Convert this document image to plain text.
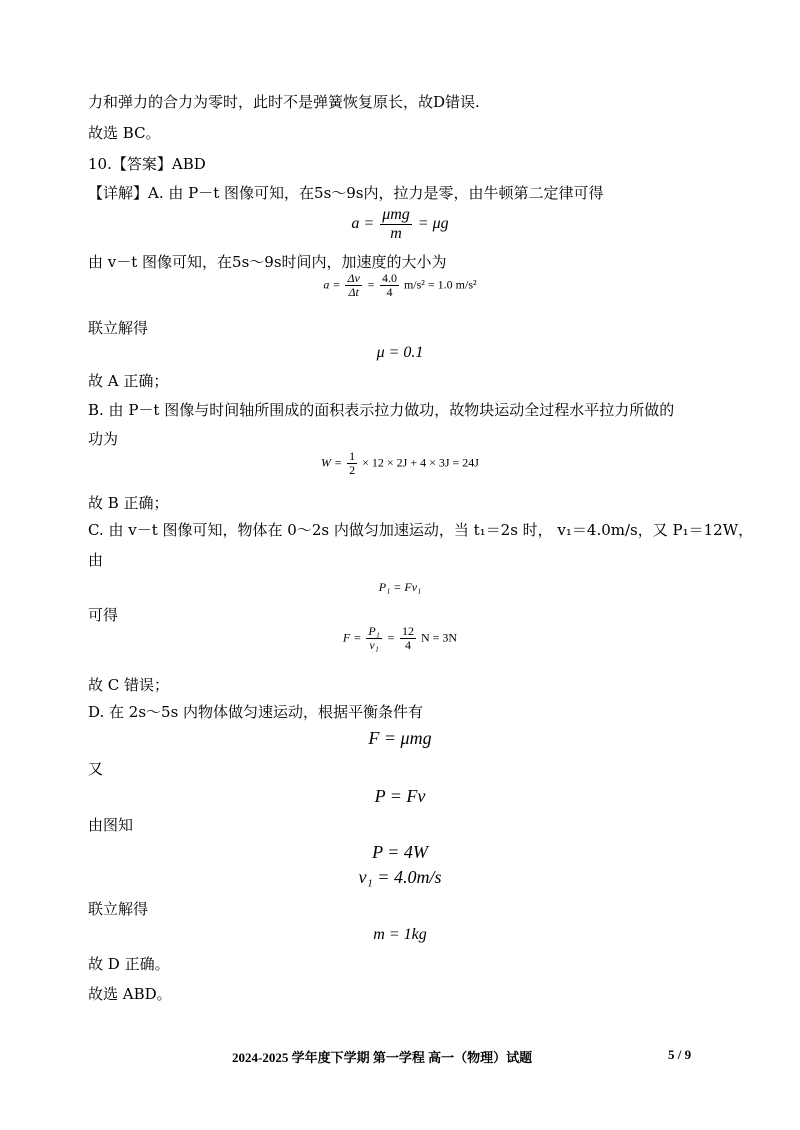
力和弹力的合力为零时，此时不是弹簧恢复原长，故D错误.
故选 BC。
10.【答案】ABD
【详解】A. 由 P－t 图像可知，在5s～9s内，拉力是零，由牛顿第二定律可得
$a = \frac{\text{μmg}}{m} = \mu g$
由 v－t 图像可知，在5s～9s时间内，加速度的大小为
$a = \frac{\Delta v}{\Delta t} = \frac{4.0}{4} m/s^2 = 1.0$ m/s²
联立解得
μ = 0.1
故 A 正确；
B. 由 P－t 图像与时间轴所围成的面积表示拉力做功，故物块运动全过程水平拉力所做的
功为
$W = \frac{1}{2} \times 12 \times 2J + 4 \times 3J = 24J$
故 B 正确；
C. 由 v－t 图像可知，物体在 0～2s 内做匀加速运动，当 t₁＝2s 时， v₁＝4.0m/s，又 P₁＝12W，
由
P₁ = Fv₁
可得
$F = \frac{\text{P₁}}{\text{v₁}} = \frac{12}{4}$ N = 3N
故 C 错误；
D. 在 2s～5s 内物体做匀速运动，根据平衡条件有
F = μmg
又
P = Fv
由图知
P = 4W
v₁ = 4.0m/s
联立解得
m = 1kg
故 D 正确。
故选 ABD。
2024-2025 学年度下学期 第一学程 高一（物理）试题	5 / 9
